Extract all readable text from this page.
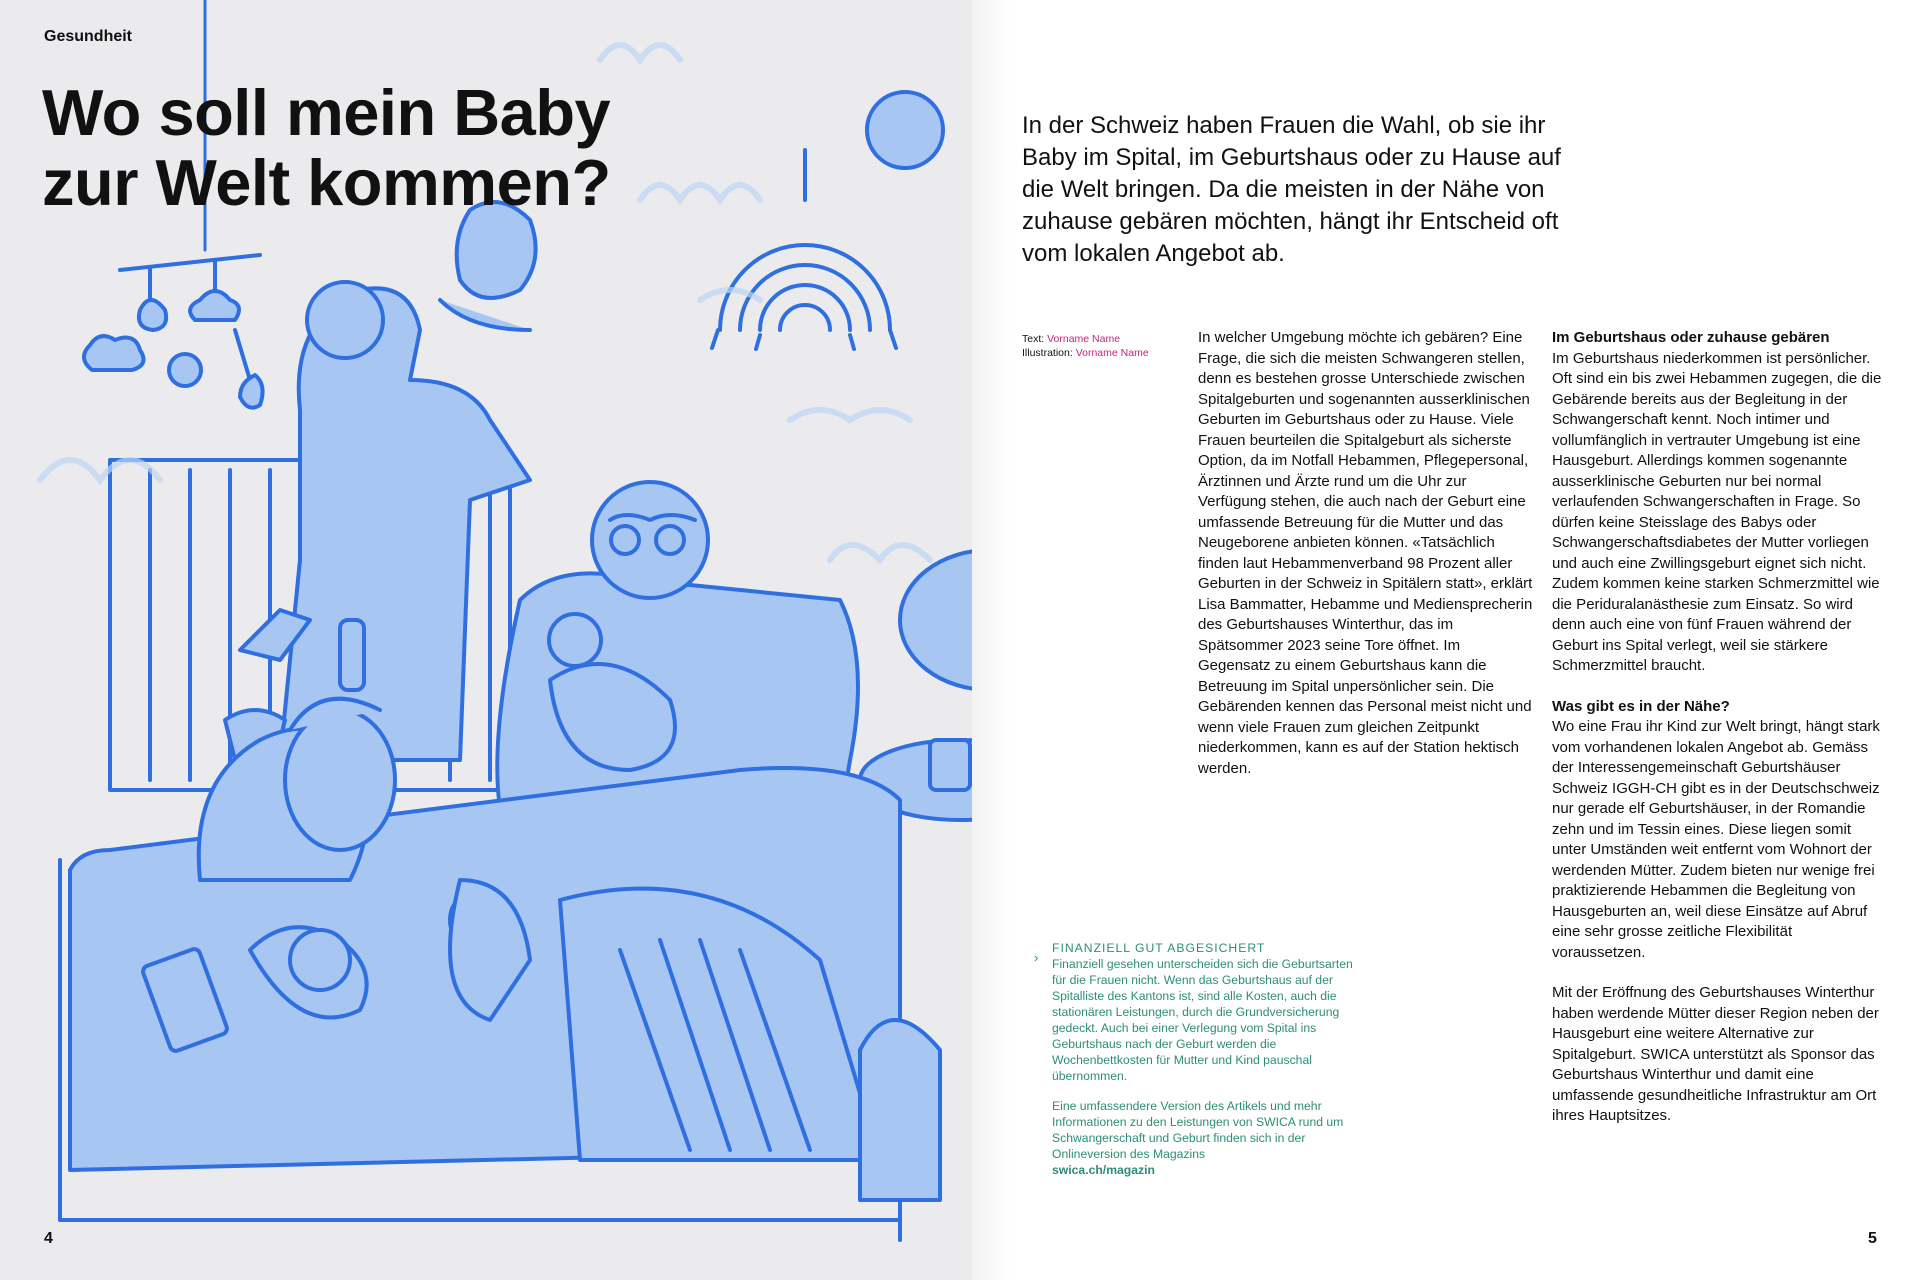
Gesundheit
Wo soll mein Baby
zur Welt kommen?
4

In der Schweiz haben Frauen die Wahl, ob sie ihr Baby im Spital, im Geburtshaus oder zu Hause auf die Welt bringen. Da die meisten in der Nähe von zuhause gebären möchten, hängt ihr Entscheid oft vom lokalen Angebot ab.

Text: Vorname Name
Illustration: Vorname Name

In welcher Umgebung möchte ich gebären? Eine Frage, die sich die meisten Schwangeren stellen, denn es bestehen grosse Unterschiede zwischen Spitalgeburten und sogenannten ausserklinischen Geburten im Geburtshaus oder zu Hause. Viele Frauen beurteilen die Spitalgeburt als sicherste Option, da im Notfall Hebammen, Pflegepersonal, Ärztinnen und Ärzte rund um die Uhr zur Verfügung stehen, die auch nach der Geburt eine umfassende Betreuung für die Mutter und das Neugeborene anbieten können. «Tatsächlich finden laut Hebammenverband 98 Prozent aller Geburten in der Schweiz in Spitälern statt», erklärt Lisa Bammatter, Hebamme und Mediensprecherin des Geburtshauses Winterthur, das im Spätsommer 2023 seine Tore öffnet. Im Gegensatz zu einem Geburtshaus kann die Betreuung im Spital unpersönlicher sein. Die Gebärenden kennen das Personal meist nicht und wenn viele Frauen zum gleichen Zeitpunkt niederkommen, kann es auf der Station hektisch werden.

Im Geburtshaus oder zuhause gebären
Im Geburtshaus niederkommen ist persönlicher. Oft sind ein bis zwei Hebammen zugegen, die die Gebärende bereits aus der Begleitung in der Schwangerschaft kennt. Noch intimer und vollumfänglich in vertrauter Umgebung ist eine Hausgeburt. Allerdings kommen sogenannte ausserklinische Geburten nur bei normal verlaufenden Schwangerschaften in Frage. So dürfen keine Steisslage des Babys oder Schwangerschaftsdiabetes der Mutter vorliegen und auch eine Zwillingsgeburt eignet sich nicht. Zudem kommen keine starken Schmerzmittel wie die Periduralanästhesie zum Einsatz. So wird denn auch eine von fünf Frauen während der Geburt ins Spital verlegt, weil sie stärkere Schmerzmittel braucht.

Was gibt es in der Nähe?
Wo eine Frau ihr Kind zur Welt bringt, hängt stark vom vorhandenen lokalen Angebot ab. Gemäss der Interessengemeinschaft Geburtshäuser Schweiz IGGH-CH gibt es in der Deutschschweiz nur gerade elf Geburtshäuser, in der Romandie zehn und im Tessin eines. Diese liegen somit unter Umständen weit entfernt vom Wohnort der werdenden Mütter. Zudem bieten nur wenige frei praktizierende Hebammen die Begleitung von Hausgeburten an, weil diese Einsätze auf Abruf eine sehr grosse zeitliche Flexibilität voraussetzen.

Mit der Eröffnung des Geburtshauses Winterthur haben werdende Mütter dieser Region neben der Hausgeburt eine weitere Alternative zur Spitalgeburt. SWICA unterstützt als Sponsor das Geburtshaus Winterthur und damit eine umfassende gesundheitliche Infrastruktur am Ort ihres Hauptsitzes.

›

FINANZIELL GUT ABGESICHERT
Finanziell gesehen unterscheiden sich die Geburtsarten für die Frauen nicht. Wenn das Geburtshaus auf der Spitalliste des Kantons ist, sind alle Kosten, auch die stationären Leistungen, durch die Grundversicherung gedeckt. Auch bei einer Verlegung vom Spital ins Geburtshaus nach der Geburt werden die Wochenbettkosten für Mutter und Kind pauschal übernommen.

Eine umfassendere Version des Artikels und mehr Informationen zu den Leistungen von SWICA rund um Schwangerschaft und Geburt finden sich in der Onlineversion des Magazins
swica.ch/magazin

5
